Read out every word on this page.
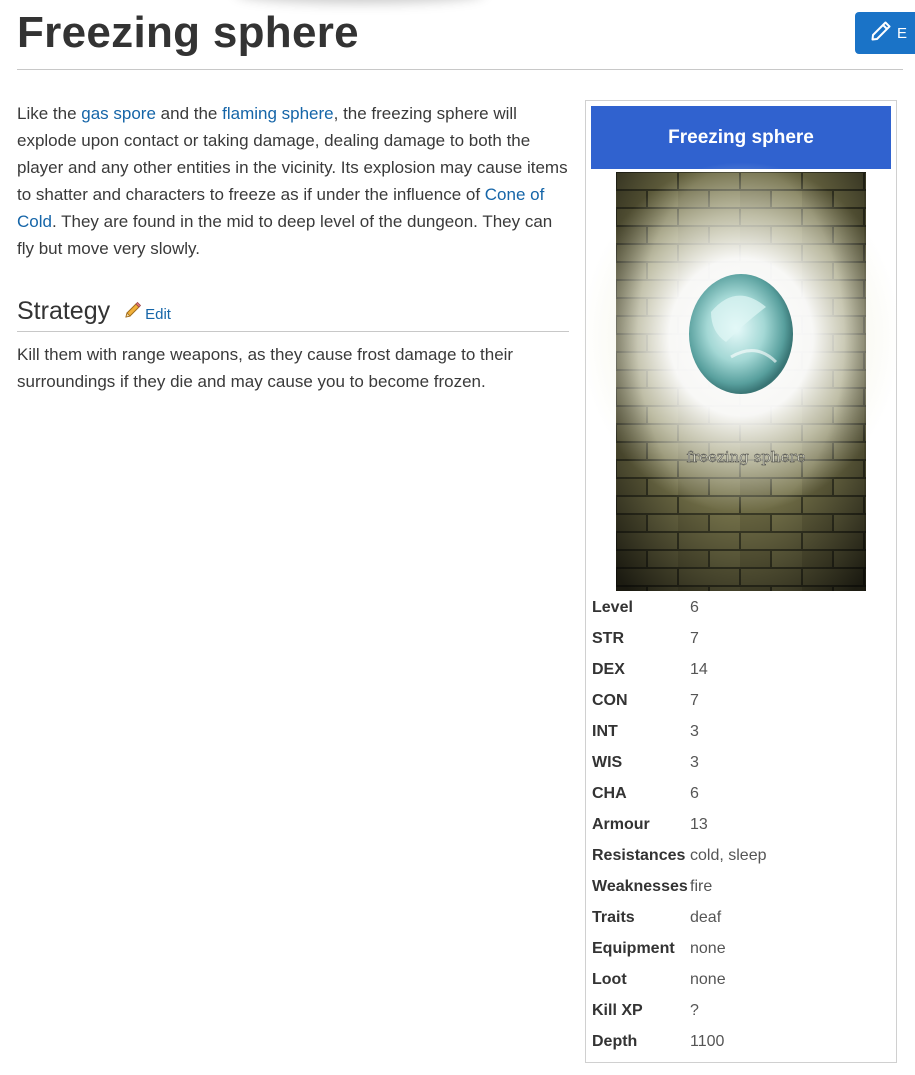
Freezing sphere	E

Like the gas spore and the flaming sphere, the freezing sphere will explode upon contact or taking damage, dealing damage to both the player and any other entities in the vicinity. Its explosion may cause items to shatter and characters to freeze as if under the influence of Cone of Cold. They are found in the mid to deep level of the dungeon. They can fly but move very slowly.

Strategy Edit

Kill them with range weapons, as they cause frost damage to their surroundings if they die and may cause you to become frozen.

Freezing sphere
freezing sphere
Level	6
STR	7
DEX	14
CON	7
INT	3
WIS	3
CHA	6
Armour	13
Resistances	cold, sleep
Weaknesses	fire
Traits	deaf
Equipment	none
Loot	none
Kill XP	?
Depth	1100
